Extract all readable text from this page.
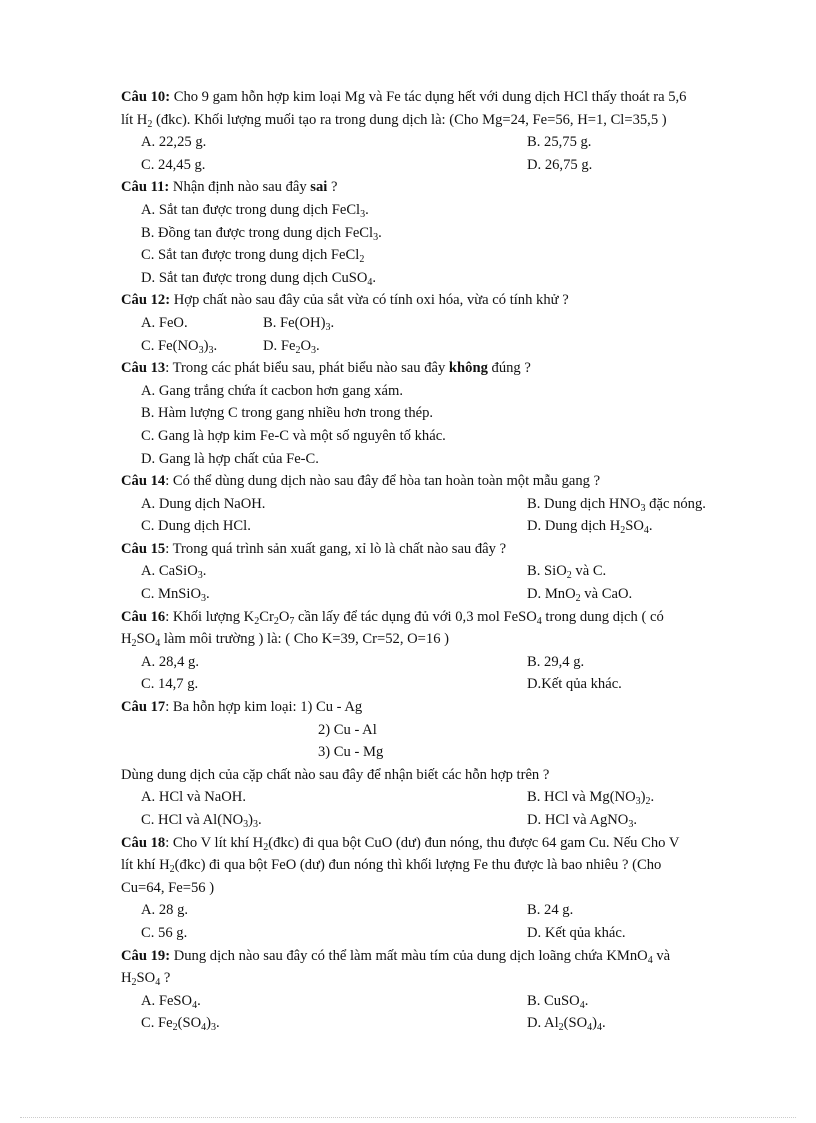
Câu 10: Cho 9 gam hỗn hợp kim loại Mg và Fe tác dụng hết với dung dịch HCl thấy thoát ra 5,6
lít $H_2$ (đkc). Khối lượng muối tạo ra trong dung dịch là: (Cho Mg=24, Fe=56, H=1, Cl=35,5 )
A. 22,25 g.	B. 25,75 g.
C. 24,45 g.	D. 26,75 g.
Câu 11: Nhận định nào sau đây sai ?
A. Sắt tan được trong dung dịch FeCl$_3$.
B. Đồng tan được trong dung dịch FeCl$_3$.
C. Sắt tan được trong dung dịch FeCl$_2$
D. Sắt tan được trong dung dịch CuSO$_4$.
Câu 12: Hợp chất nào sau đây của sắt vừa có tính oxi hóa, vừa có tính khử ?
A. FeO.	B. $Fe(OH)_3$.
C. $Fe(NO_3)_3$.	D. $Fe_2O_3$.
Câu 13: Trong các phát biểu sau, phát biểu nào sau đây không đúng ?
A. Gang trắng chứa ít cacbon hơn gang xám.
B. Hàm lượng C trong gang nhiều hơn trong thép.
C. Gang là hợp kim Fe-C và một số nguyên tố khác.
D. Gang là hợp chất của Fe-C.
Câu 14: Có thể dùng dung dịch nào sau đây để hòa tan hoàn toàn một mẫu gang ?
A. Dung dịch NaOH.	B. Dung dịch $HNO_3$ đặc nóng.
C. Dung dịch HCl.	D. Dung dịch $H_2SO_4$.
Câu 15: Trong quá trình sản xuất gang, xỉ lò là chất nào sau đây ?
A. CaSiO$_3$.	B. SiO$_2$ và C.
C. MnSiO$_3$.	D. MnO$_2$ và CaO.
Câu 16: Khối lượng $K_2Cr_2O_7$ cần lấy để tác dụng đủ với 0,3 mol FeSO$_4$ trong dung dịch ( có
$H_2SO_4$ làm môi trường ) là: ( Cho K=39, Cr=52, O=16 )
A. 28,4 g.	B. 29,4 g.
C. 14,7 g.	D.Kết qủa khác.
Câu 17: Ba hỗn hợp kim loại: 1) Cu - Ag
2) Cu - Al
3) Cu - Mg
Dùng dung dịch của cặp chất nào sau đây để nhận biết các hỗn hợp trên ?
A. HCl và NaOH.	B. HCl và $Mg(NO_3)_2$.
C. HCl và $Al(NO_3)_3$.	D. HCl và AgNO$_3$.
Câu 18: Cho V lít khí $H_2(đkc)$ đi qua bột CuO (dư) đun nóng, thu được 64 gam Cu. Nếu Cho V
lít khí $H_2(đkc)$ đi qua bột FeO (dư) đun nóng thì khối lượng Fe thu được là bao nhiêu ? (Cho
Cu=64, Fe=56 )
A. 28 g.	B. 24 g.
C. 56 g.	D. Kết qủa khác.
Câu 19: Dung dịch nào sau đây có thể làm mất màu tím của dung dịch loãng chứa KMnO$_4$ và
$H_2SO_4$ ?
A. FeSO$_4$.	B. CuSO$_4$.
C. $Fe_2(SO_4)_3$.	D. $Al_2(SO_4)_4$.
